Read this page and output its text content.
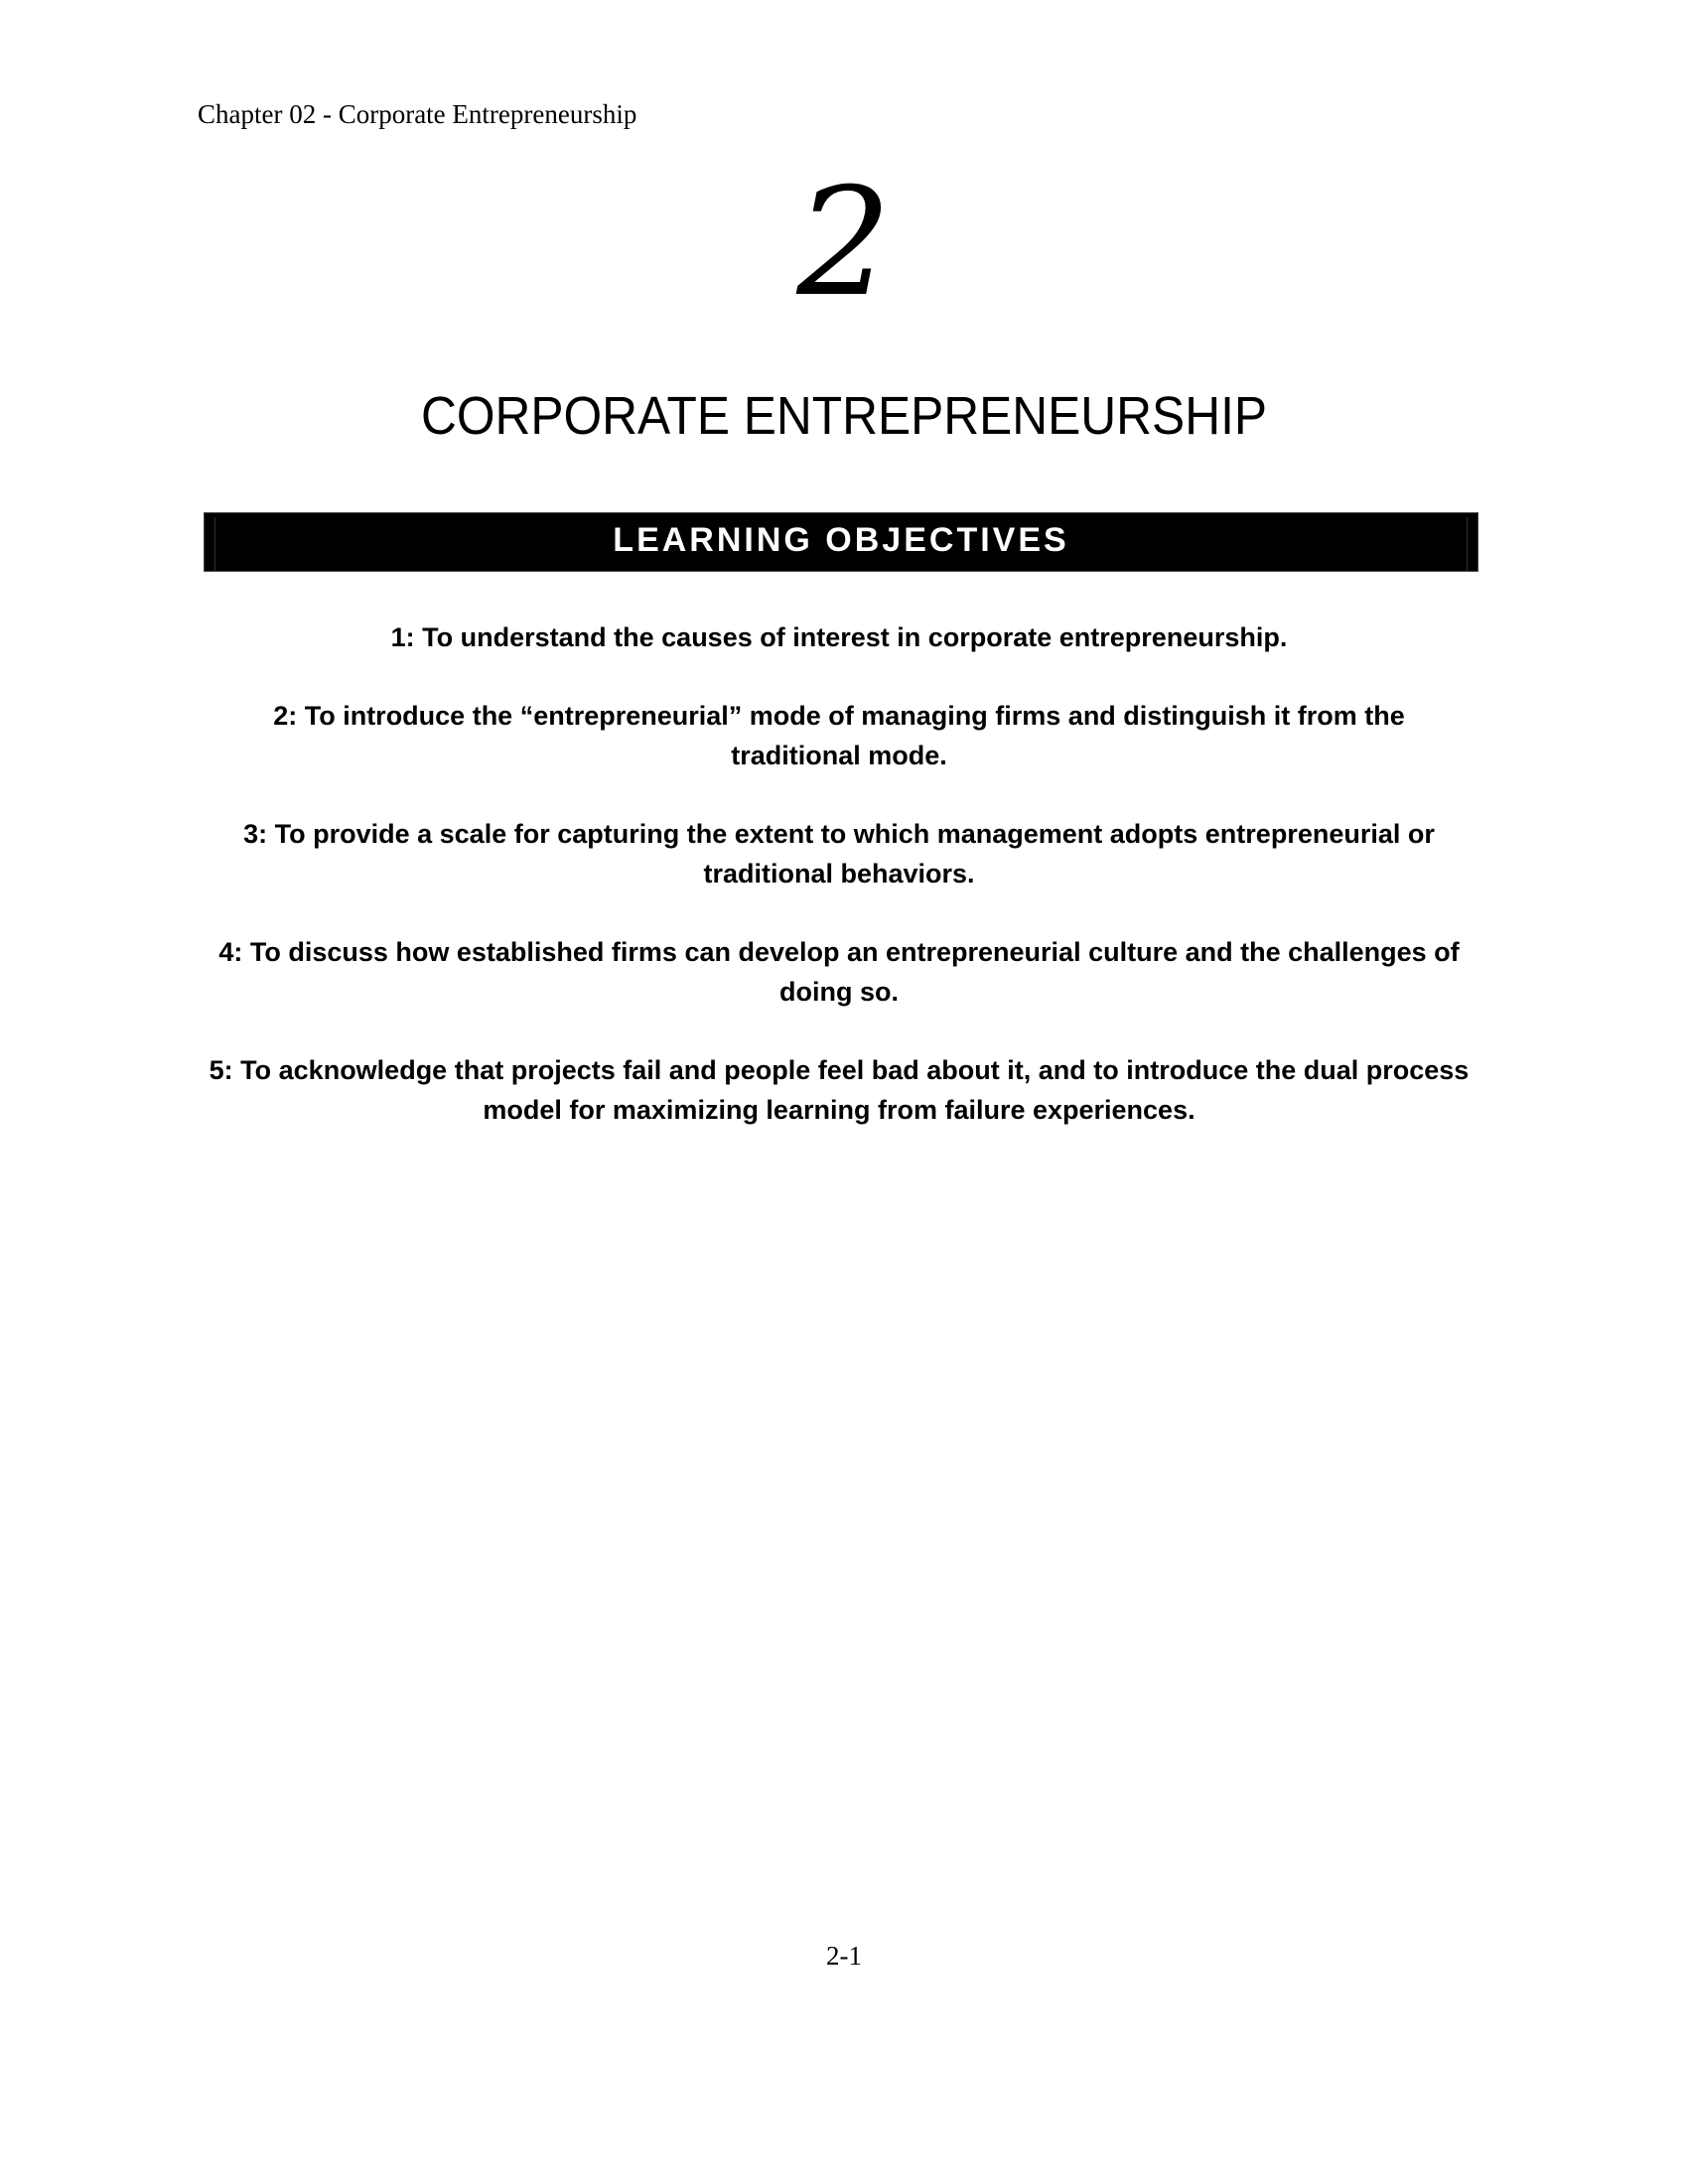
Chapter 02 - Corporate Entrepreneurship
2
CORPORATE ENTREPRENEURSHIP
LEARNING OBJECTIVES
1: To understand the causes of interest in corporate entrepreneurship.
2: To introduce the “entrepreneurial” mode of managing firms and distinguish it from the traditional mode.
3: To provide a scale for capturing the extent to which management adopts entrepreneurial or traditional behaviors.
4: To discuss how established firms can develop an entrepreneurial culture and the challenges of doing so.
5: To acknowledge that projects fail and people feel bad about it, and to introduce the dual process model for maximizing learning from failure experiences.
2-1
